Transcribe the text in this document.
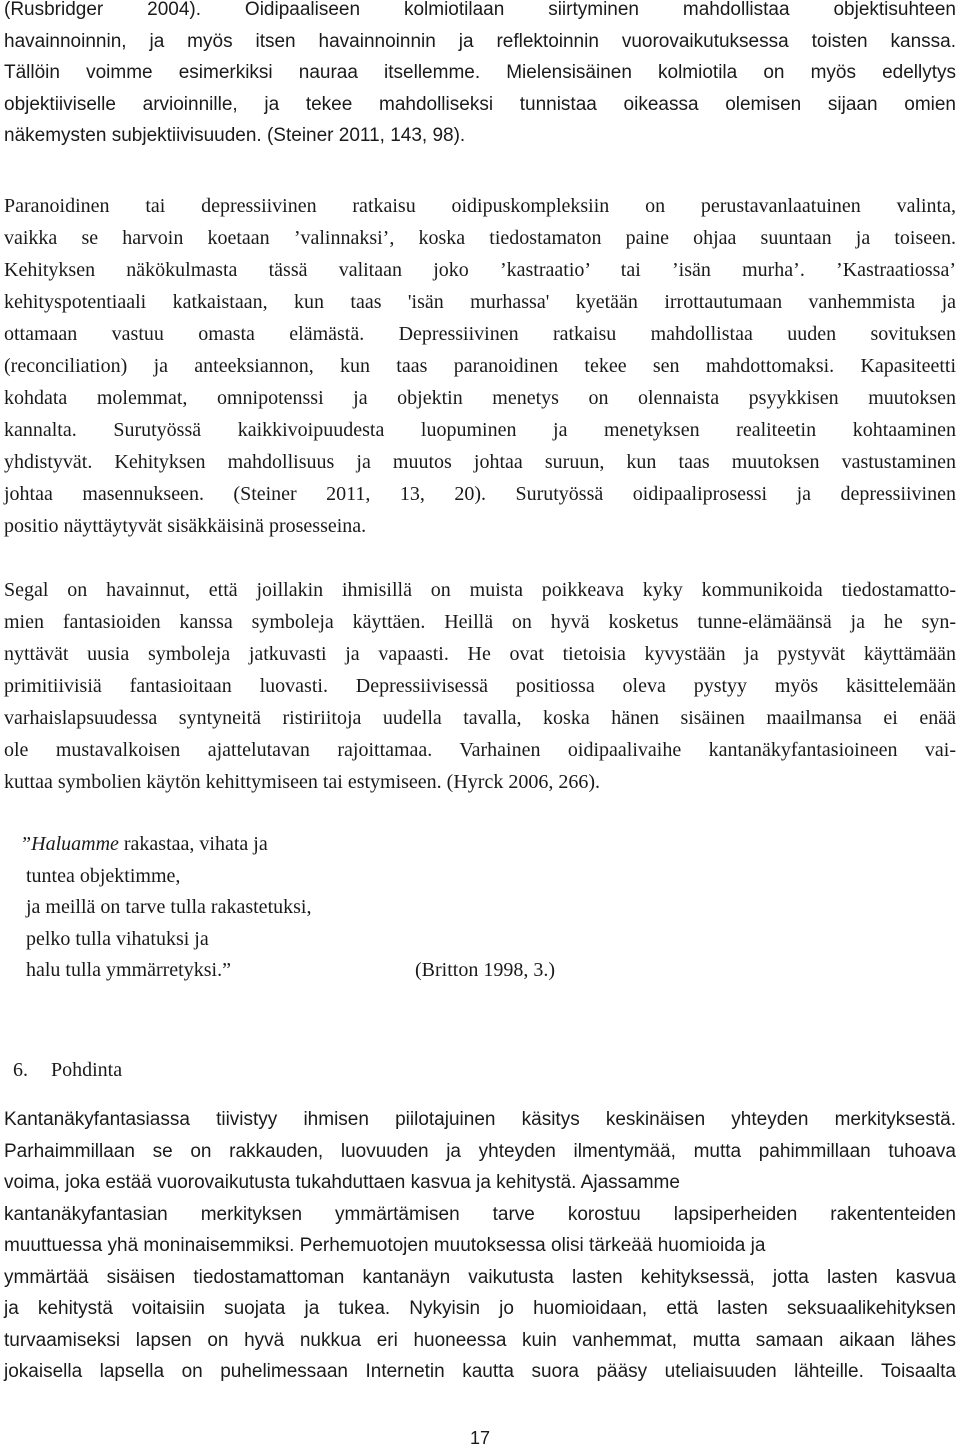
(Rusbridger 2004). Oidipaaliseen kolmiotilaan siirtyminen mahdollistaa objektisuhteen
havainnoinnin, ja myös itsen havainnoinnin ja reflektoinnin vuorovaikutuksessa toisten kanssa.
Tällöin voimme esimerkiksi nauraa itsellemme. Mielensisäinen kolmiotila on myös edellytys
objektiiviselle arvioinnille, ja tekee mahdolliseksi tunnistaa oikeassa olemisen sijaan omien
näkemysten subjektiivisuuden. (Steiner 2011, 143, 98).
Paranoidinen tai depressiivinen ratkaisu oidipuskompleksiin on perustavanlaatuinen valinta,
vaikka se harvoin koetaan ’valinnaksi’, koska tiedostamaton paine ohjaa suuntaan ja toiseen.
Kehityksen näkökulmasta tässä valitaan joko ’kastraatio’ tai ’isän murha’. ’Kastraatiossa’
kehityspotentiaali katkaistaan, kun taas 'isän murhassa' kyetään irrottautumaan vanhemmista ja
ottamaan vastuu omasta elämästä. Depressiivinen ratkaisu mahdollistaa uuden sovituksen
(reconciliation) ja anteeksiannon, kun taas paranoidinen tekee sen mahdottomaksi. Kapasiteetti
kohdata molemmat, omnipotenssi ja objektin menetys on olennaista psyykkisen muutoksen
kannalta. Surutyössä kaikkivoipuudesta luopuminen ja menetyksen realiteetin kohtaaminen
yhdistyvät. Kehityksen mahdollisuus ja muutos johtaa suruun, kun taas muutoksen vastustaminen
johtaa masennukseen. (Steiner 2011, 13, 20). Surutyössä oidipaaliprosessi ja depressiivinen
positio näyttäytyvät sisäkkäisinä prosesseina.
Segal on havainnut, että joillakin ihmisillä on muista poikkeava kyky kommunikoida tiedostamatto-
mien fantasioiden kanssa symboleja käyttäen. Heillä on hyvä kosketus tunne-elämäänsä ja he syn-
nyttävät uusia symboleja jatkuvasti ja vapaasti. He ovat tietoisia kyvystään ja pystyvät käyttämään
primitiivisiä fantasioitaan luovasti. Depressiivisessä positiossa oleva pystyy myös käsittelemään
varhaislapsuudessa syntyneitä ristiriitoja uudella tavalla, koska hänen sisäinen maailmansa ei enää
ole mustavalkoisen ajattelutavan rajoittamaa. Varhainen oidipaalivaihe kantanäkyfantasioineen vai-
kuttaa symbolien käytön kehittymiseen tai estymiseen. (Hyrck 2006, 266).
”Haluamme rakastaa, vihata ja
tuntea objektimme,
ja meillä on tarve tulla rakastetuksi,
pelko tulla vihatuksi ja
halu tulla ymmärretyksi.”	(Britton 1998, 3.)
6. Pohdinta
Kantanäkyfantasiassa tiivistyy ihmisen piilotajuinen käsitys keskinäisen yhteyden merkityksestä.
Parhaimmillaan se on rakkauden, luovuuden ja yhteyden ilmentymää, mutta pahimmillaan tuhoava
voima, joka estää vuorovaikutusta tukahduttaen kasvua ja kehitystä. Ajassamme
kantanäkyfantasian merkityksen ymmärtämisen tarve korostuu lapsiperheiden rakententeiden
muuttuessa yhä moninaisemmiksi. Perhemuotojen muutoksessa olisi tärkeää huomioida ja
ymmärtää sisäisen tiedostamattoman kantanäyn vaikutusta lasten kehityksessä, jotta lasten kasvua
ja kehitystä voitaisiin suojata ja tukea. Nykyisin jo huomioidaan, että lasten seksuaalikehityksen
turvaamiseksi lapsen on hyvä nukkua eri huoneessa kuin vanhemmat, mutta samaan aikaan lähes
jokaisella lapsella on puhelimessaan Internetin kautta suora pääsy uteliaisuuden lähteille. Toisaalta
17
